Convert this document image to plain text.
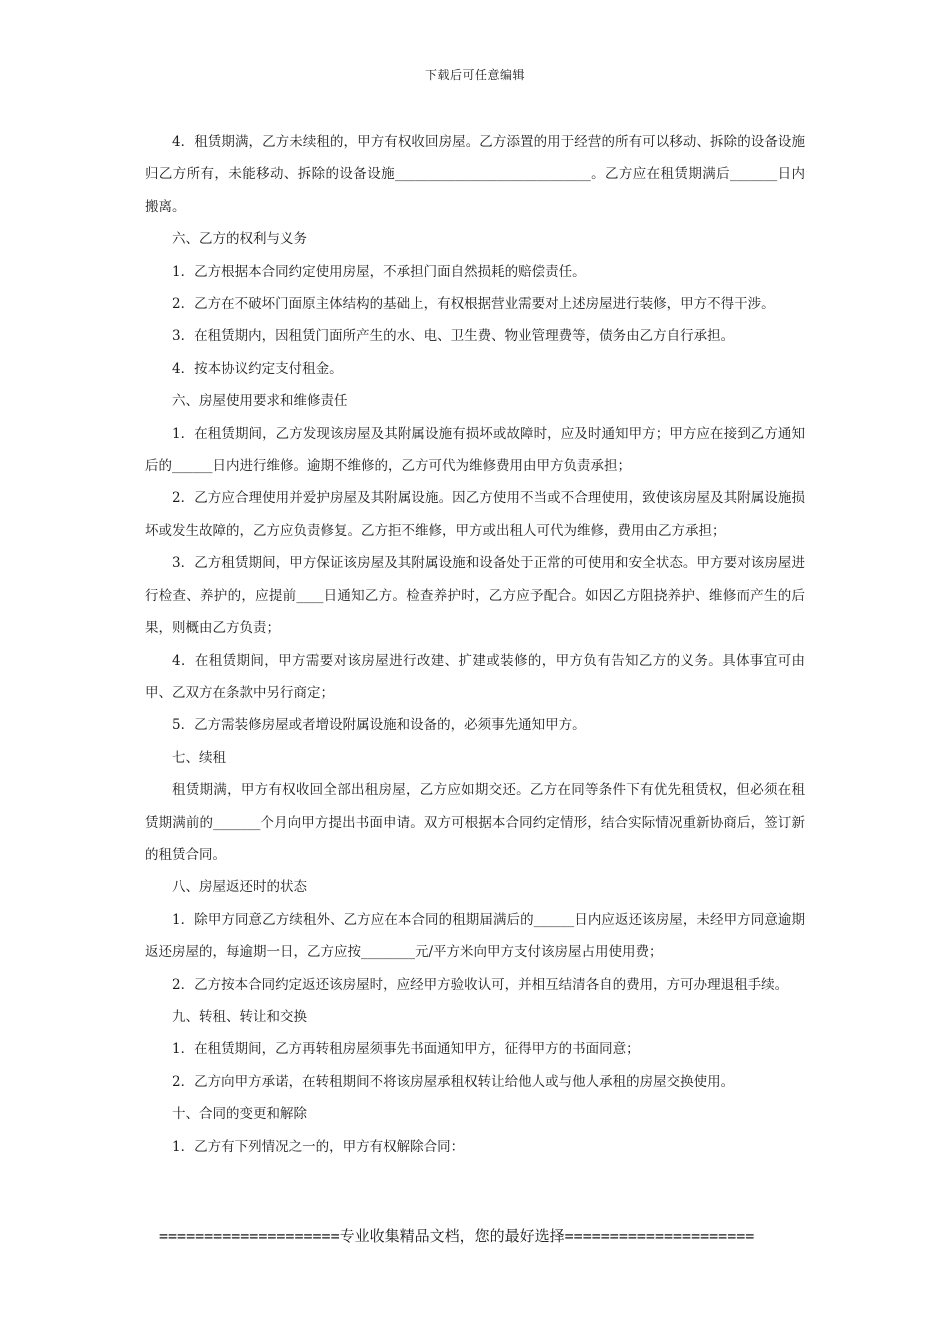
下载后可任意编辑

4．租赁期满，乙方未续租的，甲方有权收回房屋。乙方添置的用于经营的所有可以移动、拆除的设备设施归乙方所有，未能移动、拆除的设备设施_____________________________。乙方应在租赁期满后_______日内搬离。

六、乙方的权利与义务

1．乙方根据本合同约定使用房屋，不承担门面自然损耗的赔偿责任。

2．乙方在不破坏门面原主体结构的基础上，有权根据营业需要对上述房屋进行装修，甲方不得干涉。

3．在租赁期内，因租赁门面所产生的水、电、卫生费、物业管理费等，债务由乙方自行承担。

4．按本协议约定支付租金。

六、房屋使用要求和维修责任

1．在租赁期间，乙方发现该房屋及其附属设施有损坏或故障时，应及时通知甲方；甲方应在接到乙方通知后的______日内进行维修。逾期不维修的，乙方可代为维修费用由甲方负责承担；

2．乙方应合理使用并爱护房屋及其附属设施。因乙方使用不当或不合理使用，致使该房屋及其附属设施损坏或发生故障的，乙方应负责修复。乙方拒不维修，甲方或出租人可代为维修，费用由乙方承担；

3．乙方租赁期间，甲方保证该房屋及其附属设施和设备处于正常的可使用和安全状态。甲方要对该房屋进行检查、养护的，应提前____日通知乙方。检查养护时，乙方应予配合。如因乙方阻挠养护、维修而产生的后果，则概由乙方负责；

4．在租赁期间，甲方需要对该房屋进行改建、扩建或装修的，甲方负有告知乙方的义务。具体事宜可由甲、乙双方在条款中另行商定；

5．乙方需装修房屋或者增设附属设施和设备的，必须事先通知甲方。

七、续租

租赁期满，甲方有权收回全部出租房屋，乙方应如期交还。乙方在同等条件下有优先租赁权，但必须在租赁期满前的_______个月向甲方提出书面申请。双方可根据本合同约定情形，结合实际情况重新协商后，签订新的租赁合同。

八、房屋返还时的状态

1．除甲方同意乙方续租外、乙方应在本合同的租期届满后的______日内应返还该房屋，未经甲方同意逾期返还房屋的，每逾期一日，乙方应按________元/平方米向甲方支付该房屋占用使用费；

2．乙方按本合同约定返还该房屋时，应经甲方验收认可，并相互结清各自的费用，方可办理退租手续。

九、转租、转让和交换

1．在租赁期间，乙方再转租房屋须事先书面通知甲方，征得甲方的书面同意；

2．乙方向甲方承诺，在转租期间不将该房屋承租权转让给他人或与他人承租的房屋交换使用。

十、合同的变更和解除

1．乙方有下列情况之一的，甲方有权解除合同：

====================专业收集精品文档，您的最好选择=====================
